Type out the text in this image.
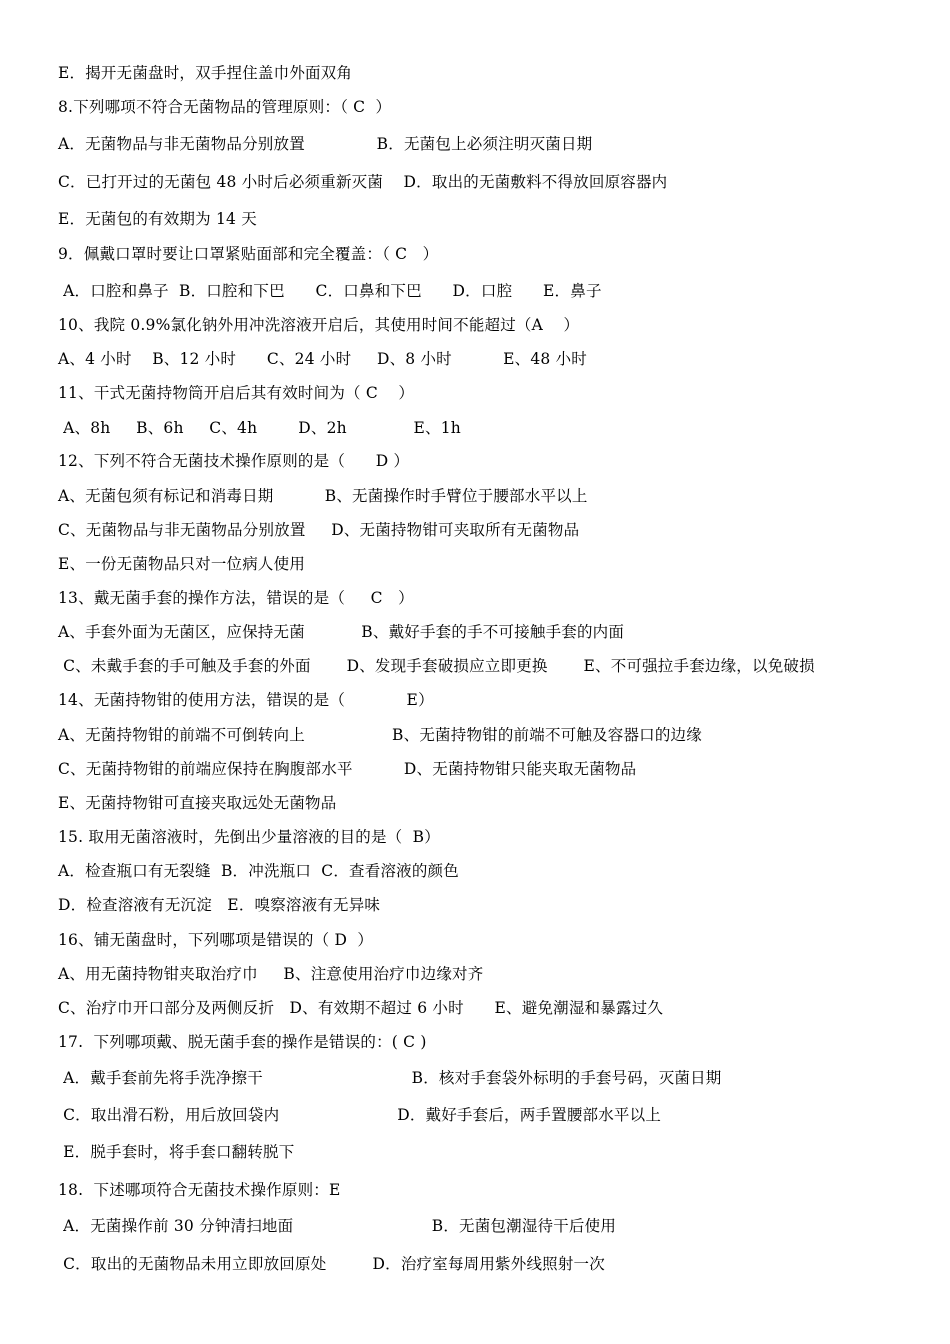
E．揭开无菌盘时，双手捏住盖巾外面双角
8.下列哪项不符合无菌物品的管理原则：（ C  ）
A．无菌物品与非无菌物品分别放置              B．无菌包上必须注明灭菌日期
C．已打开过的无菌包 48 小时后必须重新灭菌    D．取出的无菌敷料不得放回原容器内
E．无菌包的有效期为 14 天
9．佩戴口罩时要让口罩紧贴面部和完全覆盖：（ C   ）
A．口腔和鼻子  B．口腔和下巴      C．口鼻和下巴      D．口腔      E．鼻子
10、我院 0.9%氯化钠外用冲洗溶液开启后，其使用时间不能超过（A    ）
A、4 小时    B、12 小时      C、24 小时     D、8 小时          E、48 小时
11、干式无菌持物筒开启后其有效时间为（ C    ）
A、8h     B、6h     C、4h        D、2h             E、1h
12、下列不符合无菌技术操作原则的是（      D ）
A、无菌包须有标记和消毒日期          B、无菌操作时手臂位于腰部水平以上
C、无菌物品与非无菌物品分别放置     D、无菌持物钳可夹取所有无菌物品
E、一份无菌物品只对一位病人使用
13、戴无菌手套的操作方法，错误的是（     C   ）
A、手套外面为无菌区，应保持无菌           B、戴好手套的手不可接触手套的内面
C、未戴手套的手可触及手套的外面       D、发现手套破损应立即更换       E、不可强拉手套边缘，以免破损
14、无菌持物钳的使用方法，错误的是（            E）
A、无菌持物钳的前端不可倒转向上                 B、无菌持物钳的前端不可触及容器口的边缘
C、无菌持物钳的前端应保持在胸腹部水平          D、无菌持物钳只能夹取无菌物品
E、无菌持物钳可直接夹取远处无菌物品
15. 取用无菌溶液时，先倒出少量溶液的目的是（  B）
A．检查瓶口有无裂缝  B．冲洗瓶口  C．查看溶液的颜色
D．检查溶液有无沉淀   E．嗅察溶液有无异味
16、铺无菌盘时，下列哪项是错误的（ D  ）
A、用无菌持物钳夹取治疗巾     B、注意使用治疗巾边缘对齐
C、治疗巾开口部分及两侧反折   D、有效期不超过 6 小时      E、避免潮湿和暴露过久
17.  下列哪项戴、脱无菌手套的操作是错误的：( C )
A．戴手套前先将手洗净擦干                             B．核对手套袋外标明的手套号码，灭菌日期
C．取出滑石粉，用后放回袋内                       D．戴好手套后，两手置腰部水平以上
E．脱手套时，将手套口翻转脱下
18.  下述哪项符合无菌技术操作原则：E
A．无菌操作前 30 分钟清扫地面                           B．无菌包潮湿待干后使用
C．取出的无菌物品未用立即放回原处         D．治疗室每周用紫外线照射一次
